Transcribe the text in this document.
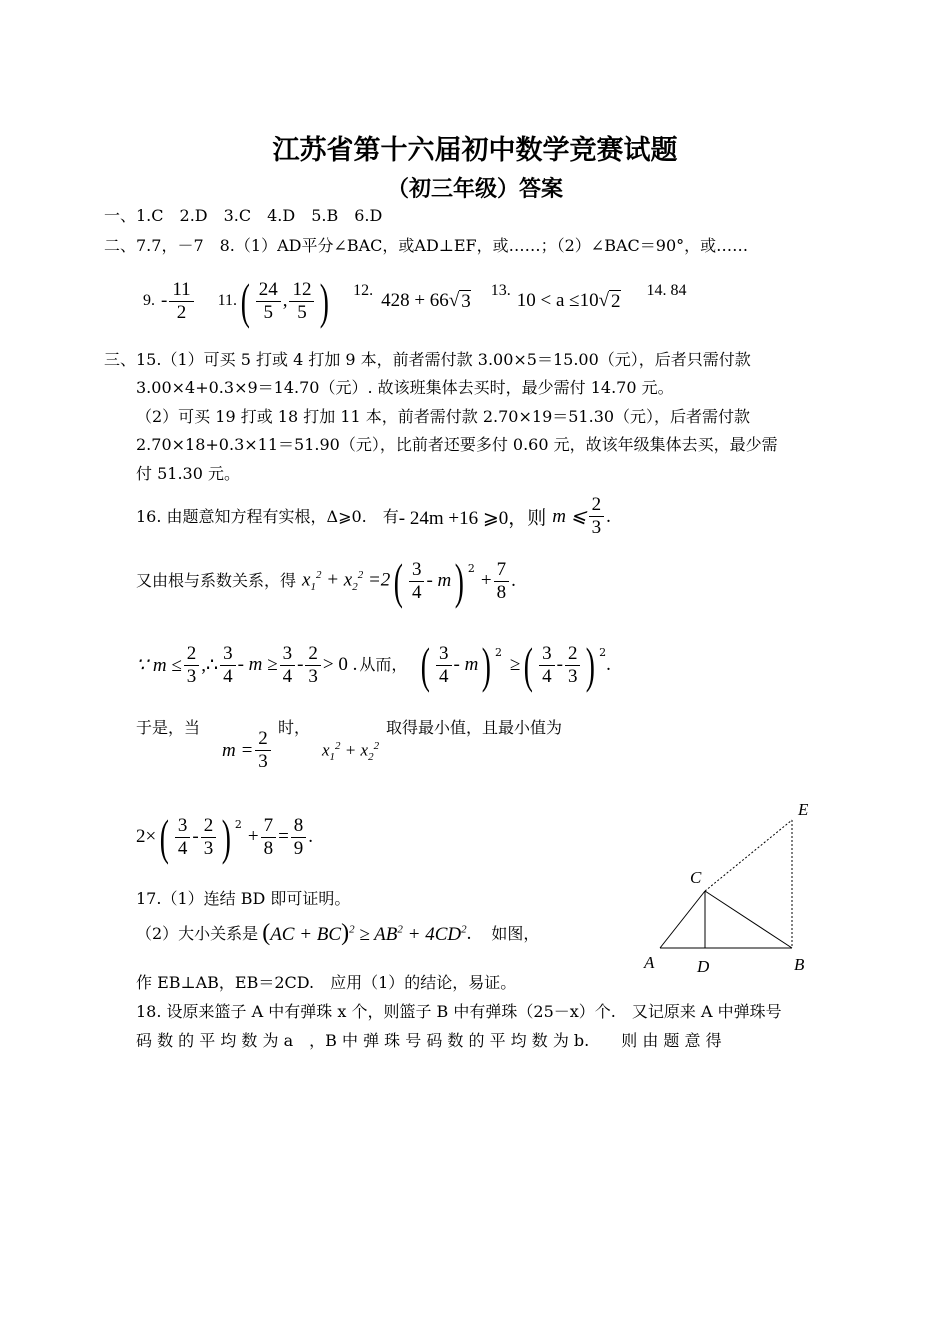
江苏省第十六届初中数学竞赛试题
（初三年级）答案
一、1.C　2.D　3.C　4.D　5.B　6.D
二、7.7，－7　8.（1）AD平分∠BAC，或AD⊥EF，或……；（2）∠BAC＝90°，或……
9. - $\frac{11}{2} 11$. ( $\frac{24}{5}$ , $\frac{12}{5}$ ) 12. 428 + 66 √ 3 13. 10 < a ≤10 √ 2 14. 84
三、15.（1）可买 5 打或 4 打加 9 本，前者需付款 3.00×5＝15.00（元），后者只需付款
3.00×4+0.3×9＝14.70（元）. 故该班集体去买时，最少需付 14.70 元。
（2）可买 19 打或 18 打加 11 本，前者需付款 2.70×19＝51.30（元），后者需付款
2.70×18+0.3×11＝51.90（元），比前者还要多付 0.60 元，故该年级集体去买，最少需
付 51.30 元。
16. 由题意知方程有实根，Δ⩾0.　有 - 24m +16 ⩾0，则 m ⩽ $\frac{2}{3}$ .
又由根与系数关系，得 $x_1^2 + x_2^2 =2$ ( $\frac{3}{4}$ - m ) $^2$
+ $\frac{7}{8}$ .
∵ $m \le \frac{2}{3}$ ,∴ $\frac{3}{4} - m \ge \frac{3}{4} - \frac{2}{3} > 0$ . 从而， ( $\frac{3}{4}$ - m ) $^2$
≥ ( $\frac{3}{4} - \frac{2}{3}$ ) $^2$
.
于是，当
$m = \frac{2}{3}$
时，
$x_1^2 + x_2^2$
取得最小值，且最小值为
2× ( $\frac{3}{4} - \frac{2}{3}$ ) $^2$
+ $\frac{7}{8} = \frac{8}{9}$ .
17.（1）连结 BD 即可证明。
（2）大小关系是 $(AC + BC)^2 \ge AB^2 + 4CD^2$ . 如图，
作 EB⊥AB，EB＝2CD.　应用（1）的结论，易证。
18. 设原来篮子 A 中有弹珠 x 个，则篮子 B 中有弹珠（25－x）个.　又记原来 A 中弹珠号
码 数 的 平 均 数 为 a　，B 中 弹 珠 号 码 数 的 平 均 数 为 b.　　则 由 题 意 得
E
C
A	D	B
